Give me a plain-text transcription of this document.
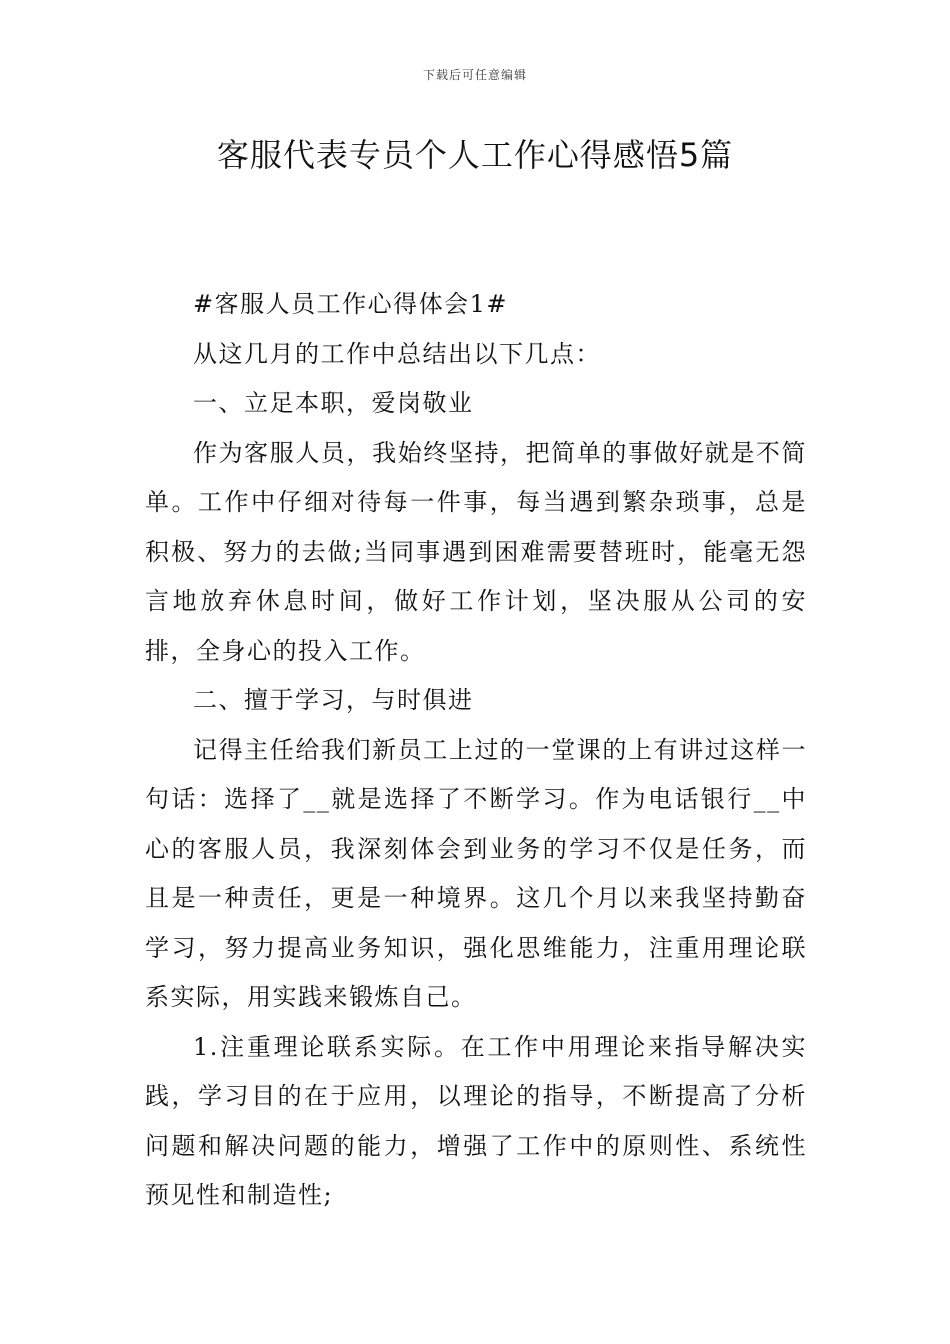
下载后可任意编辑
客服代表专员个人工作心得感悟5篇

#客服人员工作心得体会1#

从这几月的工作中总结出以下几点：

一、立足本职，爱岗敬业

作为客服人员，我始终坚持，把简单的事做好就是不简单。工作中仔细对待每一件事，每当遇到繁杂琐事，总是积极、努力的去做;当同事遇到困难需要替班时，能毫无怨言地放弃休息时间，做好工作计划，坚决服从公司的安排，全身心的投入工作。

二、擅于学习，与时俱进

记得主任给我们新员工上过的一堂课的上有讲过这样一句话：选择了__就是选择了不断学习。作为电话银行__中心的客服人员，我深刻体会到业务的学习不仅是任务，而且是一种责任，更是一种境界。这几个月以来我坚持勤奋学习，努力提高业务知识，强化思维能力，注重用理论联系实际，用实践来锻炼自己。

1.注重理论联系实际。在工作中用理论来指导解决实践，学习目的在于应用，以理论的指导，不断提高了分析问题和解决问题的能力，增强了工作中的原则性、系统性预见性和制造性;
